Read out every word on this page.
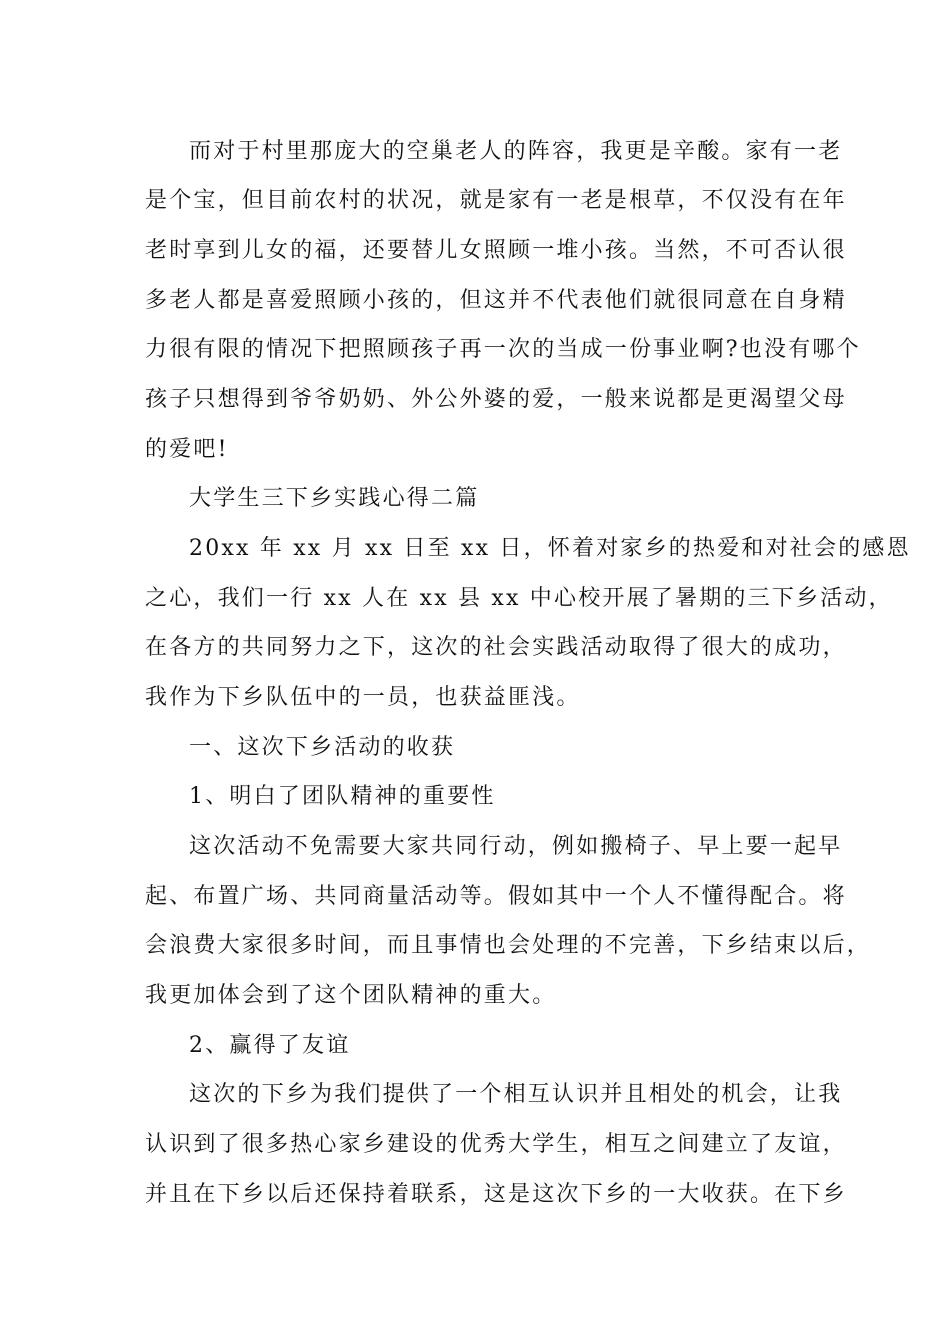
而对于村里那庞大的空巢老人的阵容，我更是辛酸。家有一老
是个宝，但目前农村的状况，就是家有一老是根草，不仅没有在年
老时享到儿女的福，还要替儿女照顾一堆小孩。当然，不可否认很
多老人都是喜爱照顾小孩的，但这并不代表他们就很同意在自身精
力很有限的情况下把照顾孩子再一次的当成一份事业啊?也没有哪个
孩子只想得到爷爷奶奶、外公外婆的爱，一般来说都是更渴望父母
的爱吧!
大学生三下乡实践心得二篇
20xx 年 xx 月 xx 日至 xx 日，怀着对家乡的热爱和对社会的感恩
之心，我们一行 xx 人在 xx 县 xx 中心校开展了暑期的三下乡活动，
在各方的共同努力之下，这次的社会实践活动取得了很大的成功，
我作为下乡队伍中的一员，也获益匪浅。
一、这次下乡活动的收获
1、明白了团队精神的重要性
这次活动不免需要大家共同行动，例如搬椅子、早上要一起早
起、布置广场、共同商量活动等。假如其中一个人不懂得配合。将
会浪费大家很多时间，而且事情也会处理的不完善，下乡结束以后，
我更加体会到了这个团队精神的重大。
2、赢得了友谊
这次的下乡为我们提供了一个相互认识并且相处的机会，让我
认识到了很多热心家乡建设的优秀大学生，相互之间建立了友谊，
并且在下乡以后还保持着联系，这是这次下乡的一大收获。在下乡
